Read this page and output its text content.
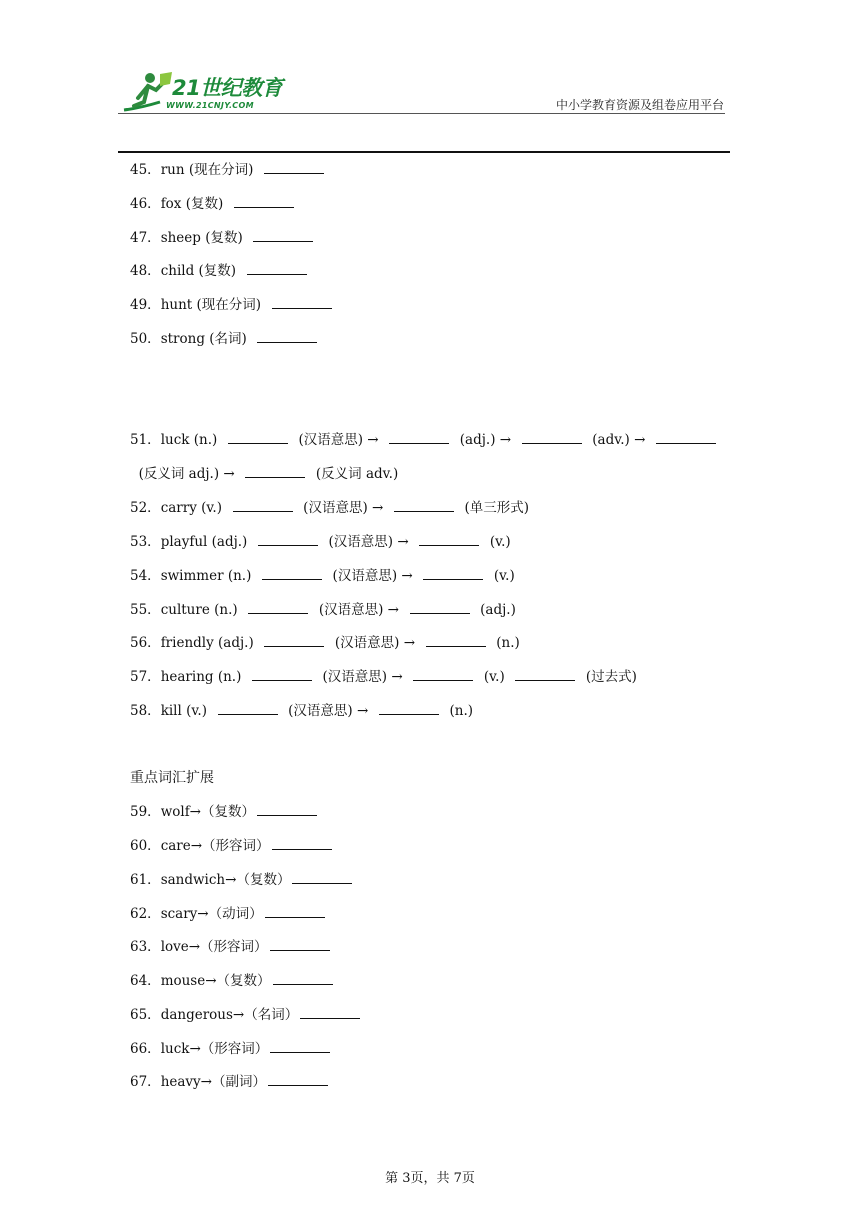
21世纪教育
WWW.21CNJY.COM	中小学教育资源及组卷应用平台
45．run (现在分词)
46．fox (复数)
47．sheep (复数)
48．child (复数)
49．hunt (现在分词)
50．strong (名词)
51．luck (n.)	(汉语意思) →	(adj.) →	(adv.) →    (反义词 adj.) →	(反义词 adv.)
52．carry (v.)	(汉语意思) →	(单三形式)
53．playful (adj.)	(汉语意思) →	(v.)
54．swimmer (n.)	(汉语意思) →	(v.)
55．culture (n.)	(汉语意思) →	(adj.)
56．friendly (adj.)	(汉语意思) →	(n.)
57．hearing (n.)	(汉语意思) →	(v.)	(过去式)
58．kill (v.)	(汉语意思) →	(n.)
重点词汇扩展
59．wolf→（复数）
60．care→（形容词）
61．sandwich→（复数）
62．scary→（动词）
63．love→（形容词）
64．mouse→（复数）
65．dangerous→（名词）
66．luck→（形容词）
67．heavy→（副词）
第 3页，共 7页
